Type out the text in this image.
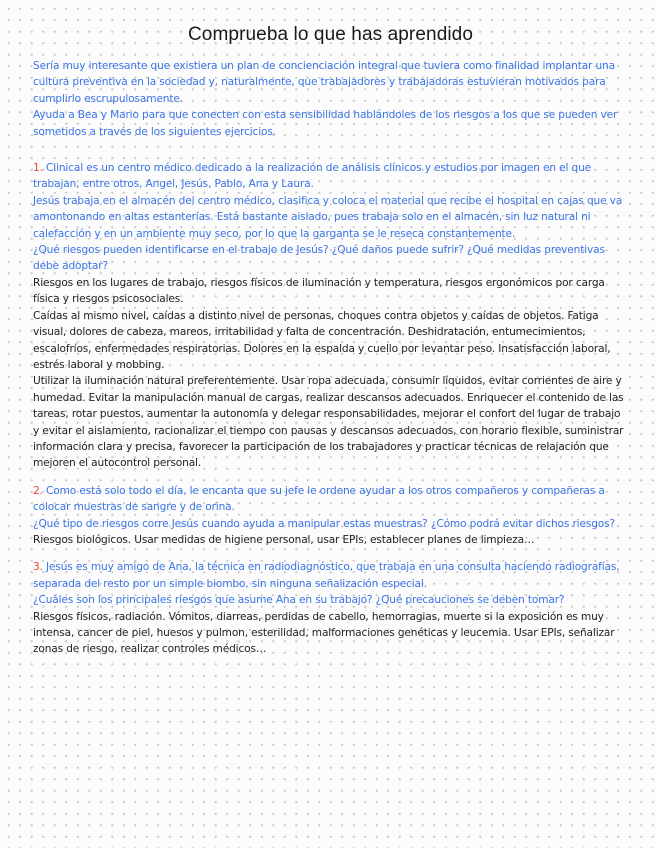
Comprueba lo que has aprendido

Sería muy interesante que existiera un plan de concienciación integral que tuviera como finalidad implantar una cultura preventiva en la sociedad y, naturalmente, que trabajadores y trabajadoras estuvieran motivados para cumplirlo escrupulosamente.

Ayuda a Bea y Mario para que conecten con esta sensibilidad hablándoles de los riesgos a los que se pueden ver sometidos a través de los siguientes ejercicios.

1. Clinical es un centro médico dedicado a la realización de análisis clínicos y estudios por imagen en el que trabajan, entre otros, Angel, Jesús, Pablo, Ana y Laura.

Jesús trabaja en el almacén del centro médico, clasifica y coloca el material que recibe el hospital en cajas que va amontonando en altas estanterías. Está bastante aislado, pues trabaja solo en el almacén, sin luz natural ni calefacción y en un ambiente muy seco, por lo que la garganta se le reseca constantemente.

¿Qué riesgos pueden identificarse en el trabajo de Jesús? ¿Qué daños puede sufrir? ¿Qué medidas preventivas debe adoptar?

Riesgos en los lugares de trabajo, riesgos físicos de iluminación y temperatura, riesgos ergonómicos por carga física y riesgos psicosociales.

Caídas al mismo nivel, caídas a distinto nivel de personas, choques contra objetos y caídas de objetos. Fatiga visual, dolores de cabeza, mareos, irritabilidad y falta de concentración. Deshidratación, entumecimientos, escalofríos, enfermedades respiratorias. Dolores en la espalda y cuello por levantar peso. Insatisfacción laboral, estrés laboral y mobbing.

Utilizar la iluminación natural preferentemente. Usar ropa adecuada, consumir líquidos, evitar corrientes de aire y humedad. Evitar la manipulación manual de cargas, realizar descansos adecuados. Enriquecer el contenido de las tareas, rotar puestos, aumentar la autonomía y delegar responsabilidades, mejorar el confort del lugar de trabajo y evitar el aislamiento, racionalizar el tiempo con pausas y descansos adecuados, con horario flexible, suministrar información clara y precisa, favorecer la participación de los trabajadores y practicar técnicas de relajación que mejoren el autocontrol personal.

2. Como está solo todo el día, le encanta que su jefe le ordene ayudar a los otros compañeros y compañeras a colocar muestras de sangre y de orina.

¿Qué tipo de riesgos corre Jesús cuando ayuda a manipular estas muestras? ¿Cómo podrá evitar dichos riesgos?

Riesgos biológicos. Usar medidas de higiene personal, usar EPIs, establecer planes de limpieza…

3. Jesús es muy amigo de Ana, la técnica en radiodiagnóstico, que trabaja en una consulta haciendo radiografías, separada del resto por un simple biombo, sin ninguna señalización especial.

¿Cuáles son los principales riesgos que asume Ana en su trabajo? ¿Qué precauciones se deben tomar?

Riesgos físicos, radiación. Vómitos, diarreas, perdidas de cabello, hemorragias, muerte si la exposición es muy intensa, cancer de piel, huesos y pulmon, esterilidad, malformaciones genéticas y leucemia. Usar EPIs, señalizar zonas de riesgo, realizar controles médicos…
